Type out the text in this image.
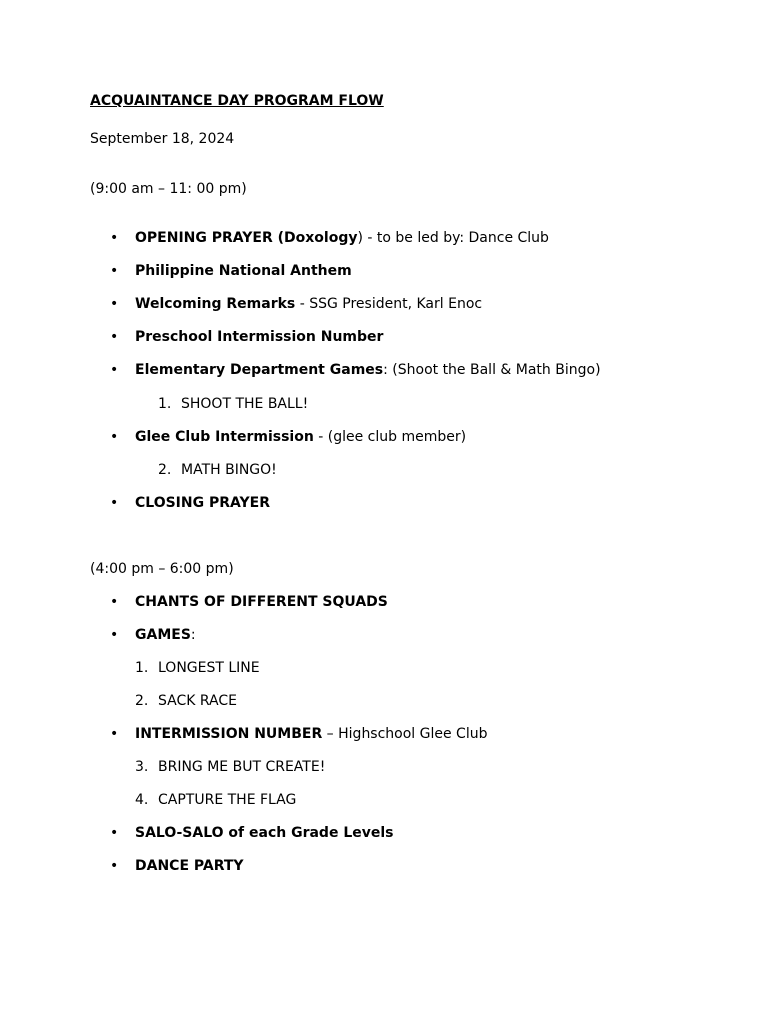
ACQUAINTANCE DAY PROGRAM FLOW
September 18, 2024
(9:00 am – 11: 00 pm)
• OPENING PRAYER (Doxology) - to be led by: Dance Club
• Philippine National Anthem
• Welcoming Remarks - SSG President, Karl Enoc
• Preschool Intermission Number
• Elementary Department Games: (Shoot the Ball & Math Bingo)
1. SHOOT THE BALL!
• Glee Club Intermission - (glee club member)
2. MATH BINGO!
• CLOSING PRAYER
(4:00 pm – 6:00 pm)
• CHANTS OF DIFFERENT SQUADS
• GAMES:
1. LONGEST LINE
2. SACK RACE
• INTERMISSION NUMBER – Highschool Glee Club
3. BRING ME BUT CREATE!
4. CAPTURE THE FLAG
• SALO-SALO of each Grade Levels
• DANCE PARTY
